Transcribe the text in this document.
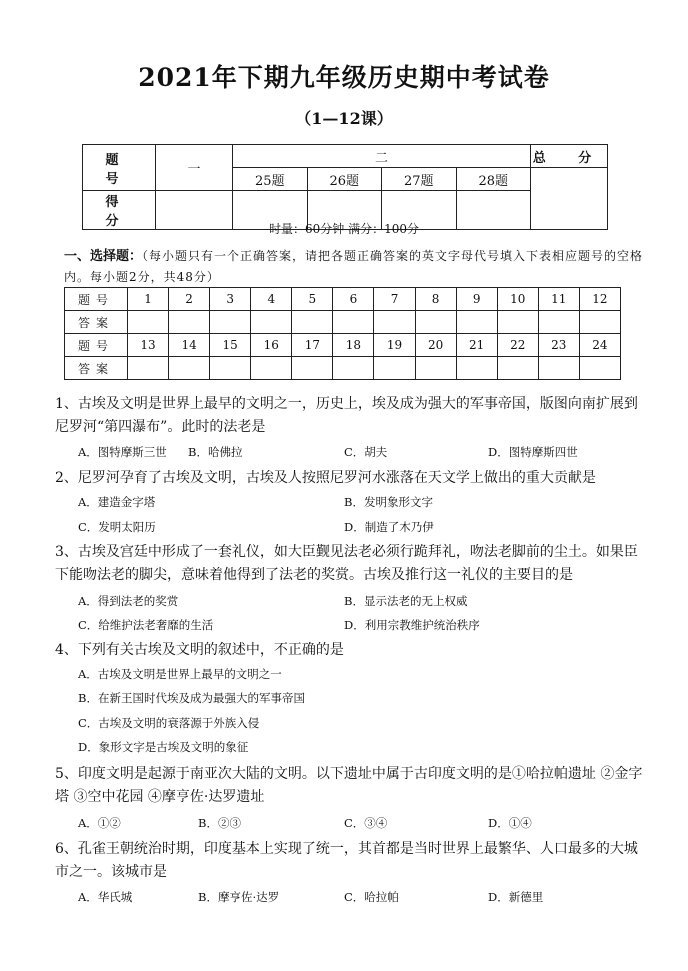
2021年下期九年级历史期中考试卷
（1—12课）
题 号	一	二				总 分
		25题	26题	27题	28题	
得 分							时量：60分钟 满分：100分
一、选择题：（每小题只有一个正确答案，请把各题正确答案的英文字母代号填入下表相应题号的空格内。每小题2分，共48分）
题号	1	2	3	4	5	6	7	8	9	10	11	12
答案												
题号	13	14	15	16	17	18	19	20	21	22	23	24
答案												
1、古埃及文明是世界上最早的文明之一，历史上，埃及成为强大的军事帝国，版图向南扩展到尼罗河“第四瀑布”。此时的法老是
A．图特摩斯三世 B．哈佛拉	C．胡夫	D．图特摩斯四世
2、尼罗河孕育了古埃及文明，古埃及人按照尼罗河水涨落在天文学上做出的重大贡献是
A．建造金字塔	B．发明象形文字
C．发明太阳历	D．制造了木乃伊
3、古埃及宫廷中形成了一套礼仪，如大臣觐见法老必须行跪拜礼，吻法老脚前的尘土。如果臣下能吻法老的脚尖，意味着他得到了法老的奖赏。古埃及推行这一礼仪的主要目的是
A．得到法老的奖赏	B．显示法老的无上权威
C．给维护法老奢靡的生活	D．利用宗教维护统治秩序
4、下列有关古埃及文明的叙述中，不正确的是
A．古埃及文明是世界上最早的文明之一
B．在新王国时代埃及成为最强大的军事帝国
C．古埃及文明的衰落源于外族入侵
D．象形文字是古埃及文明的象征
5、印度文明是起源于南亚次大陆的文明。以下遗址中属于古印度文明的是①哈拉帕遗址 ②金字塔 ③空中花园 ④摩亨佐·达罗遗址
A．①②	B．②③	C．③④	D．①④
6、孔雀王朝统治时期，印度基本上实现了统一，其首都是当时世界上最繁华、人口最多的大城市之一。该城市是
A．华氏城	B．摩亨佐·达罗	C．哈拉帕	D．新德里
